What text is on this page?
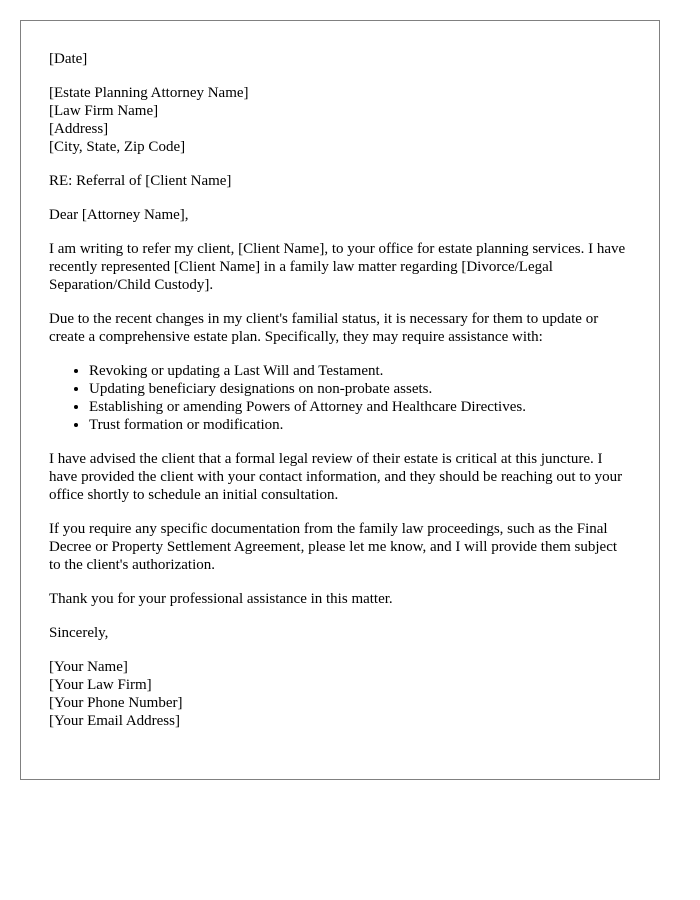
[Date]
[Estate Planning Attorney Name]
[Law Firm Name]
[Address]
[City, State, Zip Code]
RE: Referral of [Client Name]
Dear [Attorney Name],

I am writing to refer my client, [Client Name], to your office for estate planning services. I have recently represented [Client Name] in a family law matter regarding [Divorce/Legal Separation/Child Custody].

Due to the recent changes in my client's familial status, it is necessary for them to update or create a comprehensive estate plan. Specifically, they may require assistance with:

• Revoking or updating a Last Will and Testament.
• Updating beneficiary designations on non-probate assets.
• Establishing or amending Powers of Attorney and Healthcare Directives.
• Trust formation or modification.

I have advised the client that a formal legal review of their estate is critical at this juncture. I have provided the client with your contact information, and they should be reaching out to your office shortly to schedule an initial consultation.

If you require any specific documentation from the family law proceedings, such as the Final Decree or Property Settlement Agreement, please let me know, and I will provide them subject to the client's authorization.

Thank you for your professional assistance in this matter.

Sincerely,
[Your Name]
[Your Law Firm]
[Your Phone Number]
[Your Email Address]
